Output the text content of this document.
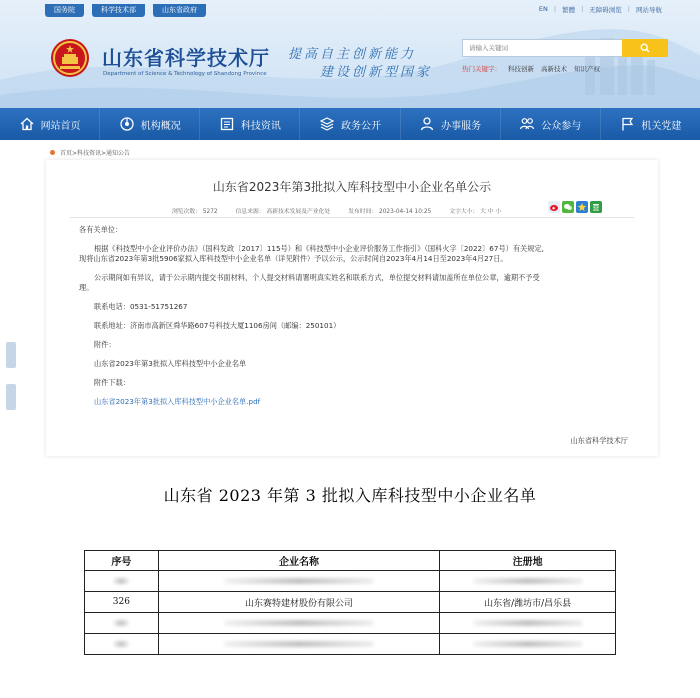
国务院	科学技术部	山东省政府	EN | 繁體 | 无障碍浏览 | 网站导航
山东省科学技术厅
Department of Science & Technology of Shandong Province
提高自主创新能力
建设创新型国家
请输入关键词	热门关键字： 科技创新 高新技术 知识产权
网站首页	机构概况	科技资讯	政务公开	办事服务	公众参与	机关党建
首页>科技资讯>通知公告
山东省2023年第3批拟入库科技型中小企业名单公示
浏览次数： 5272	信息来源： 高新技术发展及产业化处	发布时间： 2023-04-14 10:25	文字大小： 大 中 小

各有关单位：

根据《科技型中小企业评价办法》（国科发政〔2017〕115号）和《科技型中小企业评价服务工作指引》（国科火字〔2022〕67号）有关规定,

现将山东省2023年第3批5906家拟入库科技型中小企业名单（详见附件）予以公示，公示时间自2023年4月14日至2023年4月27日。

公示期间如有异议，请于公示期内提交书面材料，个人提交材料请署明真实姓名和联系方式，单位提交材料请加盖所在单位公章，逾期不予受

理。

联系电话：0531-51751267

联系地址：济南市高新区舜华路607号科技大厦1106房间（邮编：250101）

附件：

山东省2023年第3批拟入库科技型中小企业名单

附件下载：

山东省2023年第3批拟入库科技型中小企业名单.pdf

山东省科学技术厅
山东省 2023 年第 3 批拟入库科技型中小企业名单
序号	企业名称	注册地

326	山东赛特建材股份有限公司	山东省/潍坊市/昌乐县
